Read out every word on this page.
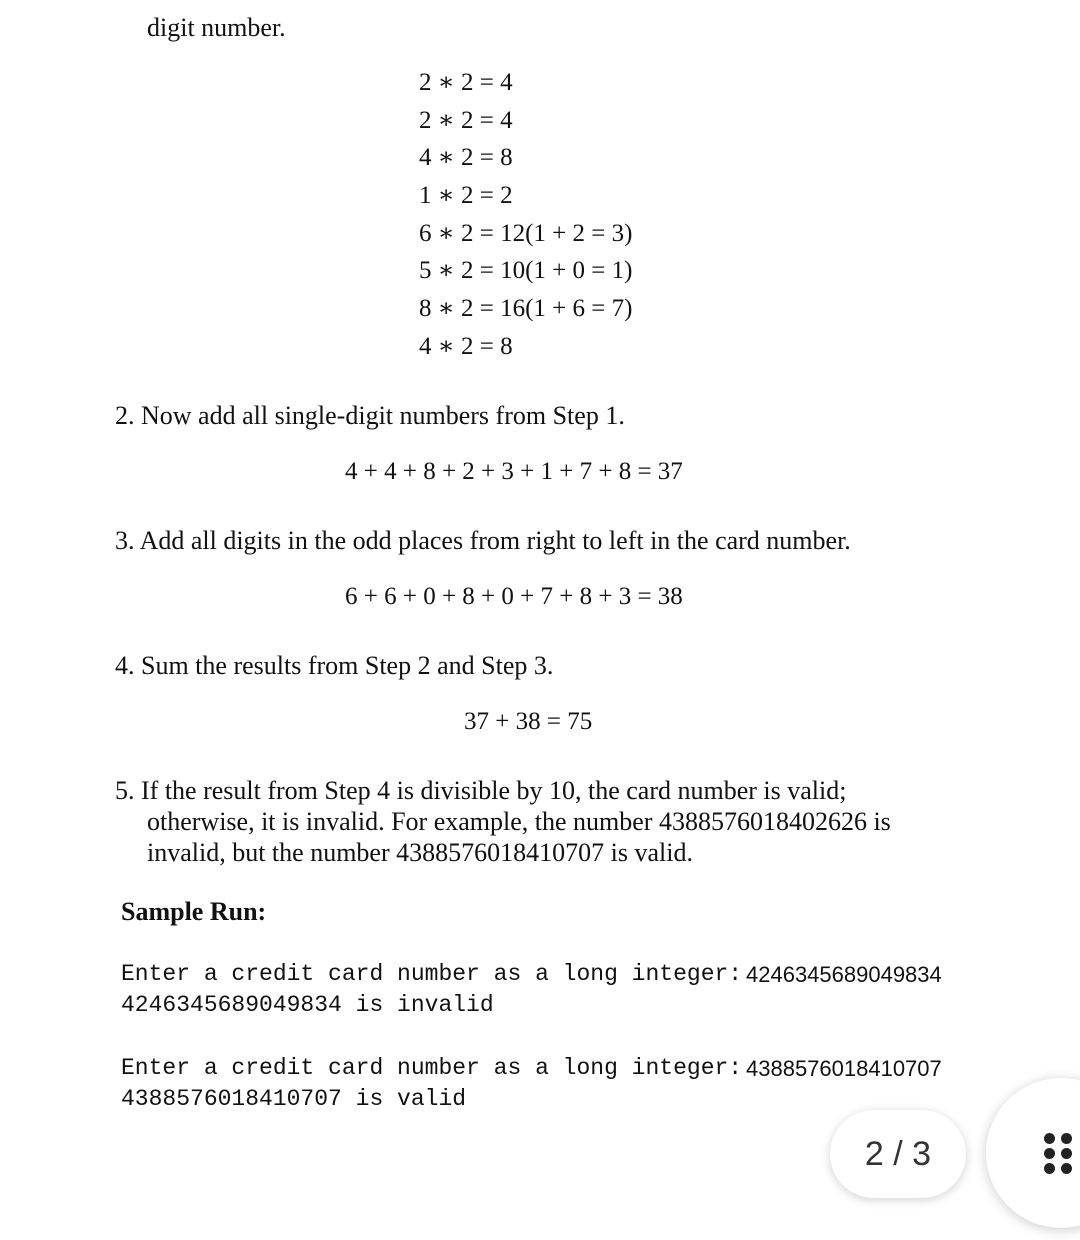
digit number.
2 ∗ 2 = 4
2 ∗ 2 = 4
4 ∗ 2 = 8
1 ∗ 2 = 2
6 ∗ 2 = 12(1 + 2 = 3)
5 ∗ 2 = 10(1 + 0 = 1)
8 ∗ 2 = 16(1 + 6 = 7)
4 ∗ 2 = 8
2. Now add all single-digit numbers from Step 1.
4 + 4 + 8 + 2 + 3 + 1 + 7 + 8 = 37
3. Add all digits in the odd places from right to left in the card number.
6 + 6 + 0 + 8 + 0 + 7 + 8 + 3 = 38
4. Sum the results from Step 2 and Step 3.
37 + 38 = 75
5. If the result from Step 4 is divisible by 10, the card number is valid;
otherwise, it is invalid. For example, the number 4388576018402626 is
invalid, but the number 4388576018410707 is valid.
Sample Run:
Enter a credit card number as a long integer: 4246345689049834
4246345689049834 is invalid
Enter a credit card number as a long integer: 4388576018410707
4388576018410707 is valid
2 / 3
